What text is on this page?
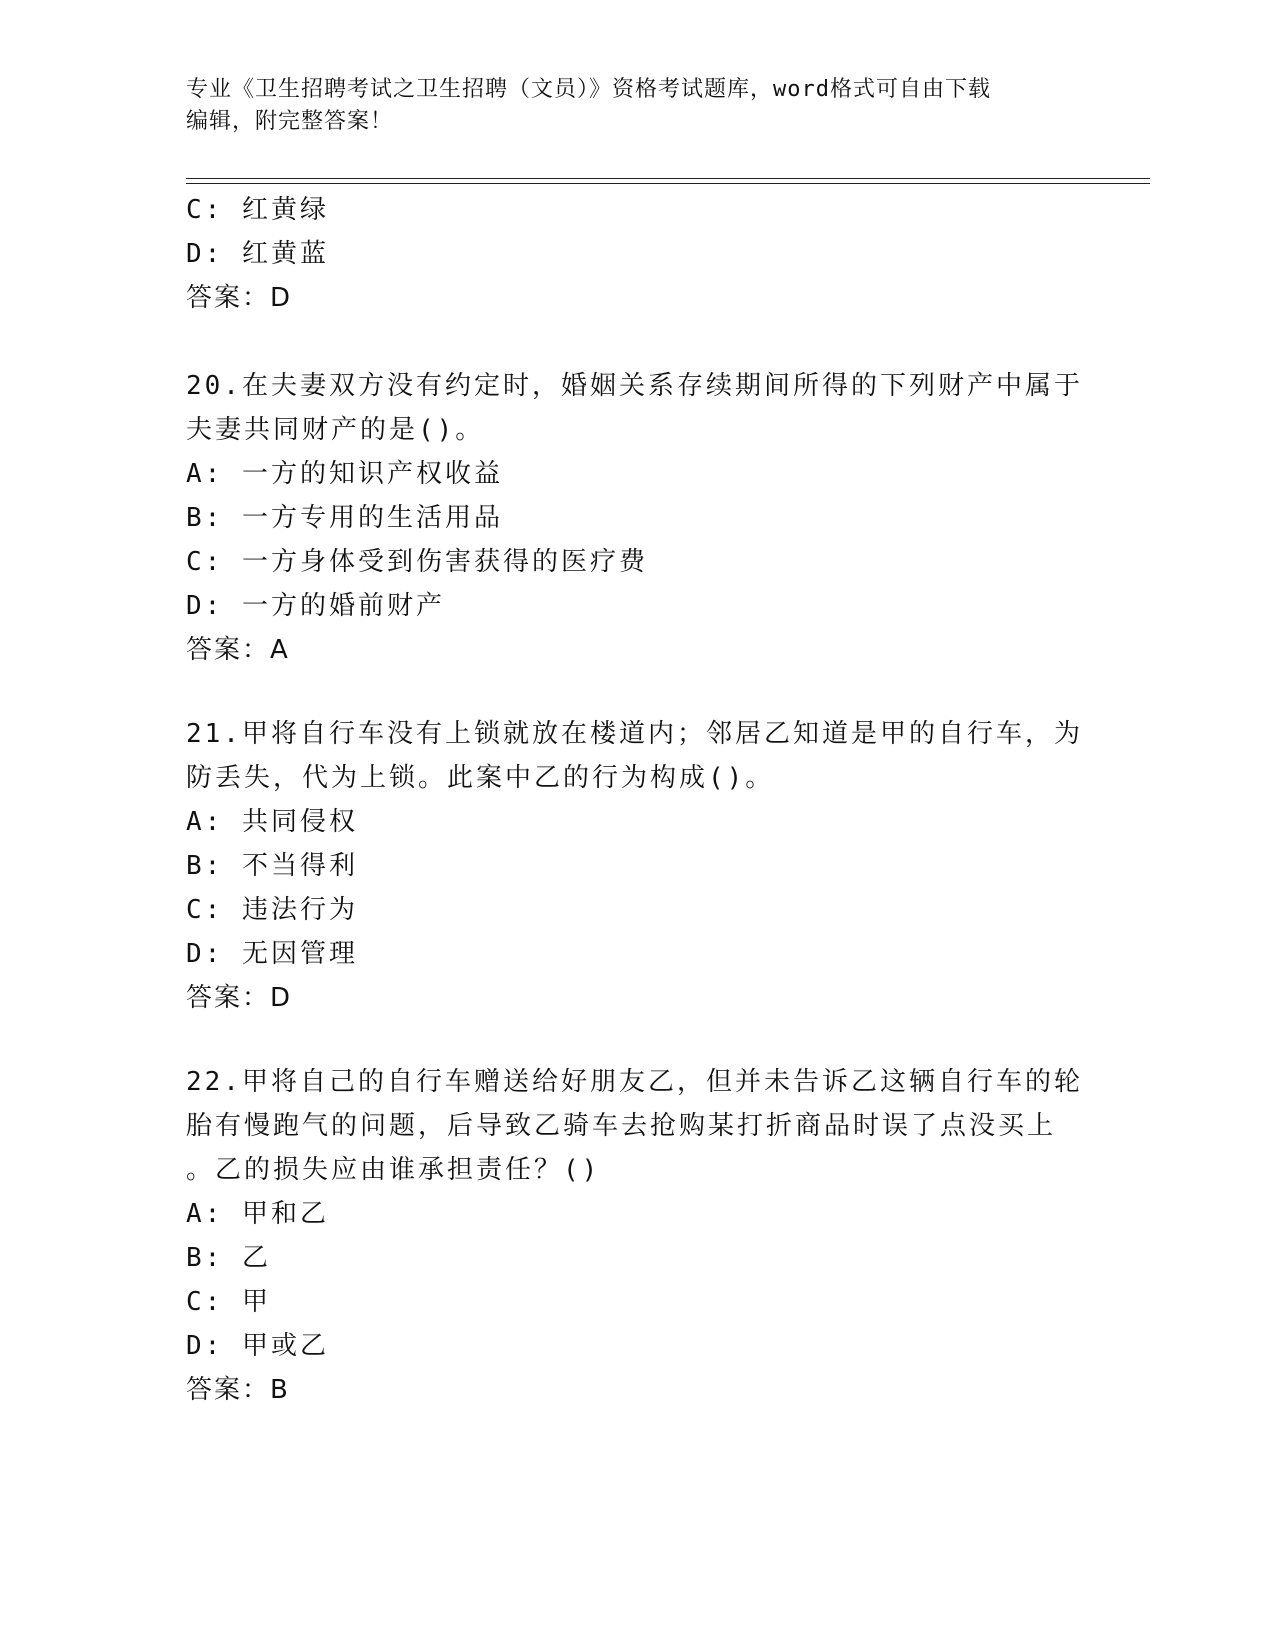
专业《卫生招聘考试之卫生招聘（文员）》资格考试题库，word格式可自由下载
编辑，附完整答案！
C: 红黄绿
D: 红黄蓝
答案：D
20.在夫妻双方没有约定时，婚姻关系存续期间所得的下列财产中属于
夫妻共同财产的是()。
A: 一方的知识产权收益
B: 一方专用的生活用品
C: 一方身体受到伤害获得的医疗费
D: 一方的婚前财产
答案：A
21.甲将自行车没有上锁就放在楼道内；邻居乙知道是甲的自行车，为
防丢失，代为上锁。此案中乙的行为构成()。
A: 共同侵权
B: 不当得利
C: 违法行为
D: 无因管理
答案：D
22.甲将自己的自行车赠送给好朋友乙，但并未告诉乙这辆自行车的轮
胎有慢跑气的问题，后导致乙骑车去抢购某打折商品时误了点没买上
。乙的损失应由谁承担责任？()
A: 甲和乙
B: 乙
C: 甲
D: 甲或乙
答案：B
